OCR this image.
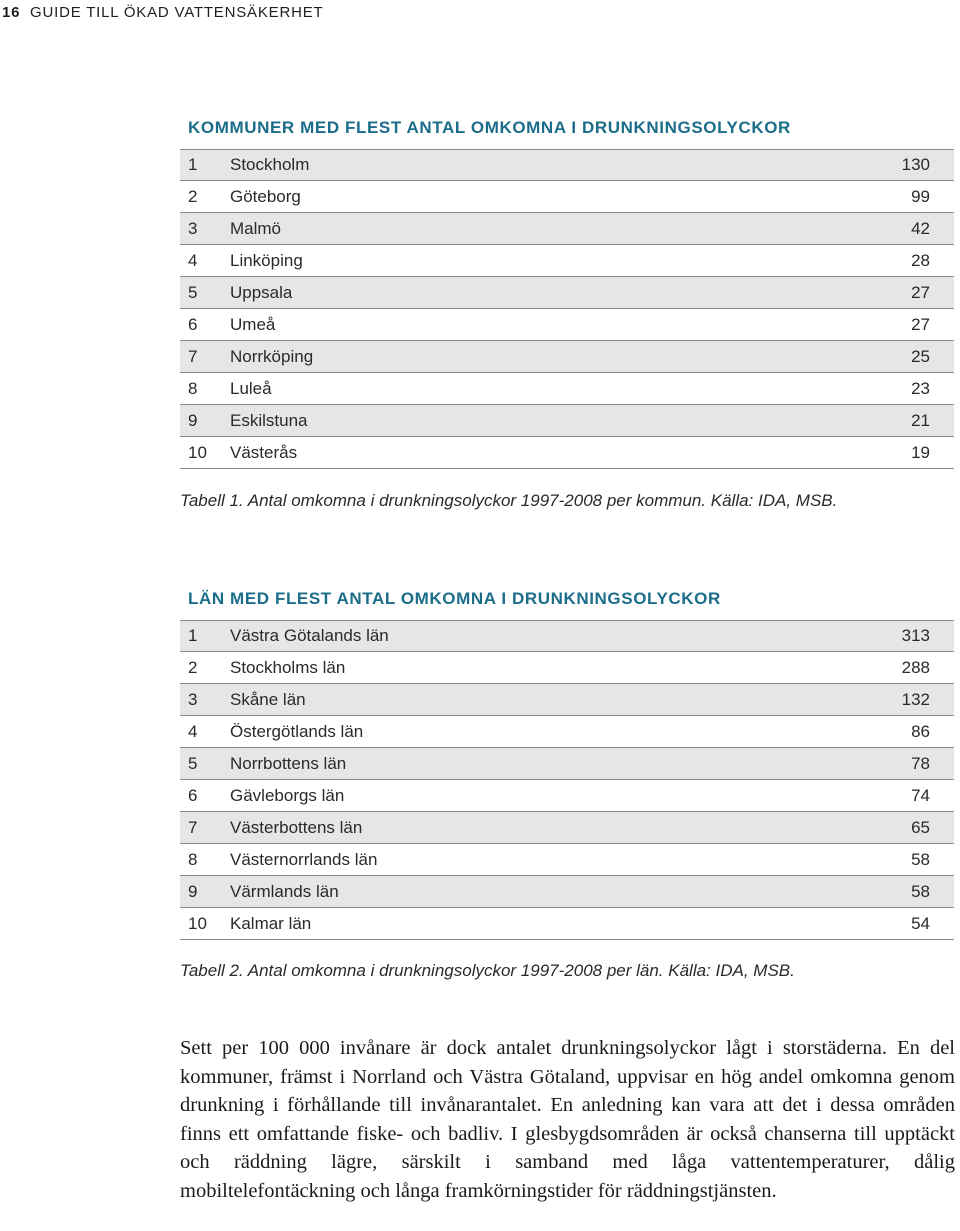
16 GUIDE TILL ÖKAD VATTENSÄKERHET
KOMMUNER MED FLEST ANTAL OMKOMNA I DRUNKNINGSOLYCKOR
1	Stockholm	130
2	Göteborg	99
3	Malmö	42
4	Linköping	28
5	Uppsala	27
6	Umeå	27
7	Norrköping	25
8	Luleå	23
9	Eskilstuna	21
10	Västerås	19
Tabell 1. Antal omkomna i drunkningsolyckor 1997-2008 per kommun. Källa: IDA, MSB.
LÄN MED FLEST ANTAL OMKOMNA I DRUNKNINGSOLYCKOR
1	Västra Götalands län	313
2	Stockholms län	288
3	Skåne län	132
4	Östergötlands län	86
5	Norrbottens län	78
6	Gävleborgs län	74
7	Västerbottens län	65
8	Västernorrlands län	58
9	Värmlands län	58
10	Kalmar län	54
Tabell 2. Antal omkomna i drunkningsolyckor 1997-2008 per län. Källa: IDA, MSB.
Sett per 100 000 invånare är dock antalet drunkningsolyckor lågt i storstäderna. En del kommuner, främst i Norrland och Västra Götaland, uppvisar en hög andel omkomna genom drunkning i förhållande till invånarantalet. En anledning kan vara att det i dessa områden finns ett omfattande fiske- och badliv. I glesbygdsområden är också chanserna till upptäckt och räddning lägre, särskilt i samband med låga vattentemperaturer, dålig mobiltelefontäckning och långa framkörningstider för räddningstjänsten.
